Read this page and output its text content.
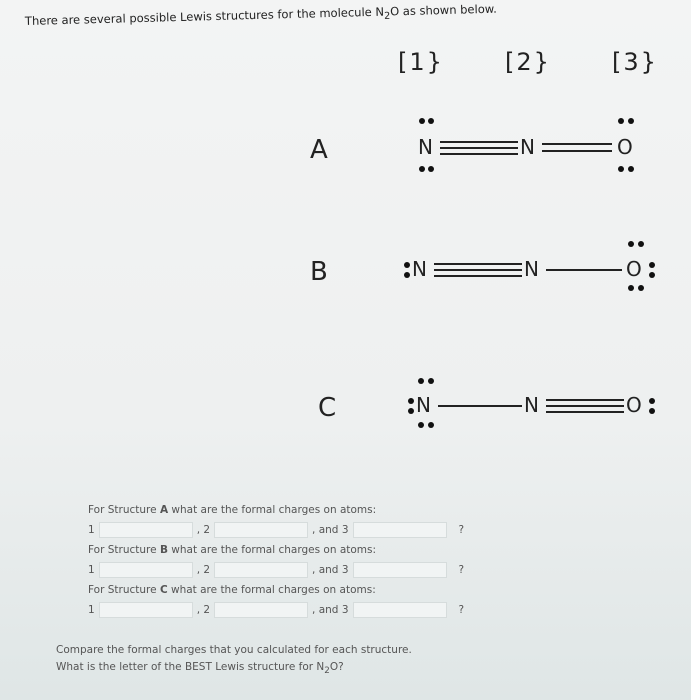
There are several possible Lewis structures for the molecule $N_2O$ as shown below.
[1}	[2}	[3}
A	N	N	O
B	N	N	O
C	N	N	O
For Structure A what are the formal charges on atoms:
1	, 2	, and 3	?
For Structure B what are the formal charges on atoms:
1	, 2	, and 3	?
For Structure C what are the formal charges on atoms:
1	, 2	, and 3	?
Compare the formal charges that you calculated for each structure.
What is the letter of the BEST Lewis structure for $N_2O$?
